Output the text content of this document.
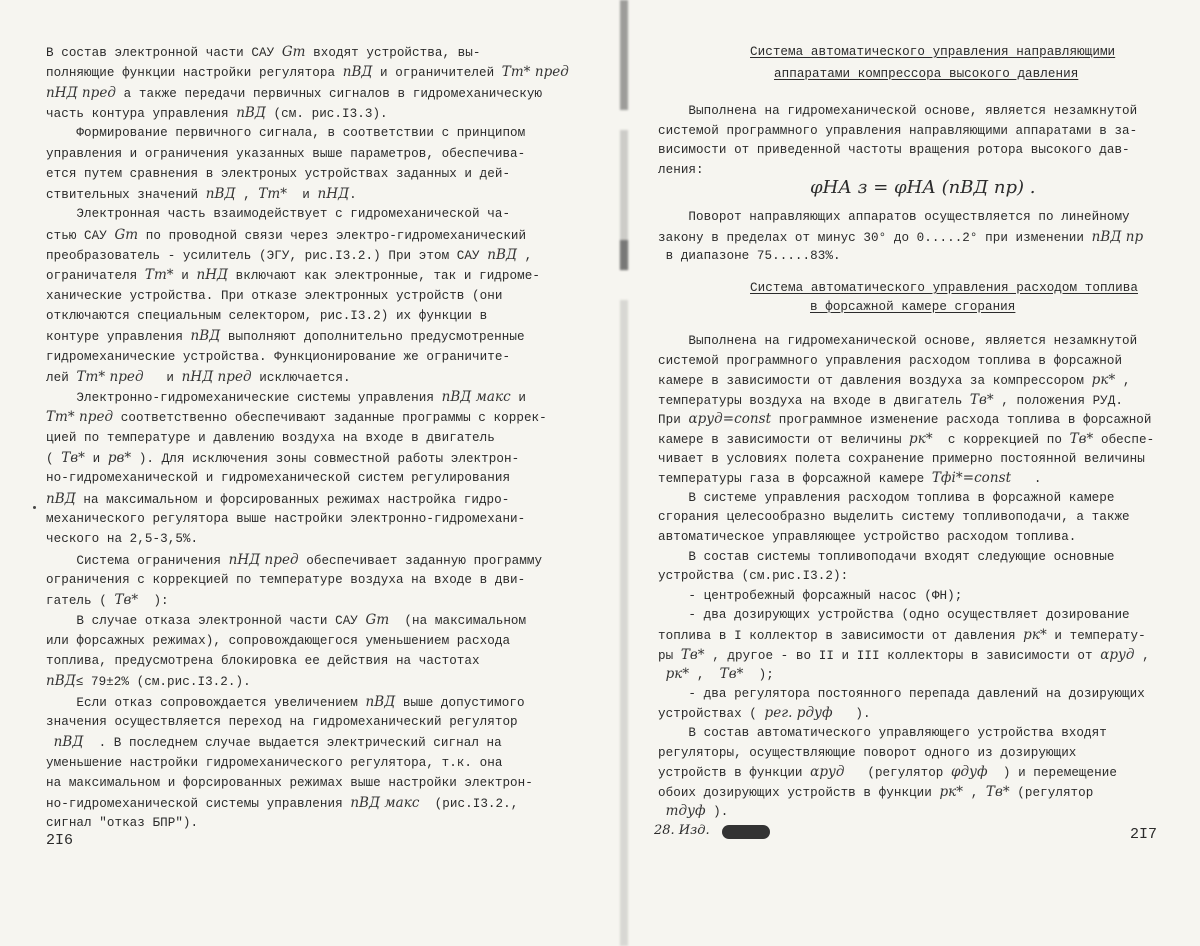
2I6
В состав электронной части САУ Gт входят устройства, вы-
полняющие функции настройки регулятора nВД и ограничителей Tт* пред
nНД пред а также передачи первичных сигналов в гидромеханическую
часть контура управления nВД (см. рис.I3.3).
Формирование первичного сигнала, в соответствии с принципом
управления и ограничения указанных выше параметров, обеспечива-
ется путем сравнения в электроных устройствах заданных и дей-
ствительных значений nВД , Tт*  и nНД.
Электронная часть взаимодействует с гидромеханической ча-
стью САУ Gт по проводной связи через электро-гидромеханический
преобразователь - усилитель (ЭГУ, рис.I3.2.) При этом САУ nВД ,
ограничателя Tт* и nНД включают как электронные, так и гидроме-
ханические устройства. При отказе электронных устройств (они
отключаются специальным селектором, рис.I3.2) их функции в
контуре управления nВД выполняют дополнительно предусмотренные
гидромеханические устройства. Функционирование же ограничите-
лей Tт* пред   и nНД пред исключается.
Электронно-гидромеханические системы управления nВД макс и
Tт* пред соответственно обеспечивают заданные программы с коррек-
цией по температуре и давлению воздуха на входе в двигатель
( Tв* и pв* ). Для исключения зоны совместной работы электрон-
но-гидромеханической и гидромеханической систем регулирования
nВД на максимальном и форсированных режимах настройка гидро-
механического регулятора выше настройки электронно-гидромехани-
ческого на 2,5-3,5%.
Система ограничения nНД пред обеспечивает заданную программу
ограничения с коррекцией по температуре воздуха на входе в дви-
гатель ( Tв*  ):
В случае отказа электронной части САУ Gт  (на максимальном
или форсажных режимах), сопровождающегося уменьшением расхода
топлива, предусмотрена блокировка ее действия на частотах
nВД≤ 79±2% (см.рис.I3.2.).
Если отказ сопровождается увеличением nВД выше допустимого
значения осуществляется переход на гидромеханический регулятор
nВД  . В последнем случае выдается электрический сигнал на
уменьшение настройки гидромеханического регулятора, т.к. она
на максимальном и форсированных режимах выше настройки электрон-
но-гидромеханической системы управления nВД макс  (рис.I3.2.,
сигнал "отказ БПР").
Система автоматического управления направляющими
аппаратами компрессора высокого давления
φНА з = φНА (nВД пр) .
Система автоматического управления расходом топлива
в форсажной камере сгорания
28. Изд.	2I7
Выполнена на гидромеханической основе, является незамкнутой
системой программного управления направляющими аппаратами в за-
висимости от приведенной частоты вращения ротора высокого дав-
ления:
Поворот направляющих аппаратов осуществляется по линейному
закону в пределах от минус 30° до 0.....2° при изменении nВД пр
в диапазоне 75.....83%.
Выполнена на гидромеханической основе, является незамкнутой
системой программного управления расходом топлива в форсажной
камере в зависимости от давления воздуха за компрессором pк* ,
температуры воздуха на входе в двигатель Tв* , положения РУД.
При αруд=const программное изменение расхода топлива в форсажной
камере в зависимости от величины pк*  с коррекцией по Tв* обеспе-
чивает в условиях полета сохранение примерно постоянной величины
температуры газа в форсажной камере Tфi*=const   .
В системе управления расходом топлива в форсажной камере
сгорания целесообразно выделить систему топливоподачи, а также
автоматическое управляющее устройство расходом топлива.
В состав системы топливоподачи входят следующие основные
устройства (см.рис.I3.2):
- центробежный форсажный насос (ФН);
- два дозирующих устройства (одно осуществляет дозирование
топлива в I коллектор в зависимости от давления pк* и температу-
ры Tв* , другое - во II и III коллекторы в зависимости от αруд ,
pк* ,  Tв*  );
- два регулятора постоянного перепада давлений на дозирующих
устройствах ( рег. pдуф   ).
В состав автоматического управляющего устройства входят
регуляторы, осуществляющие поворот одного из дозирующих
устройств в функции αруд   (регулятор φдуф  ) и перемещение
обоих дозирующих устройств в функции pк* , Tв* (регулятор
mдуф ).
